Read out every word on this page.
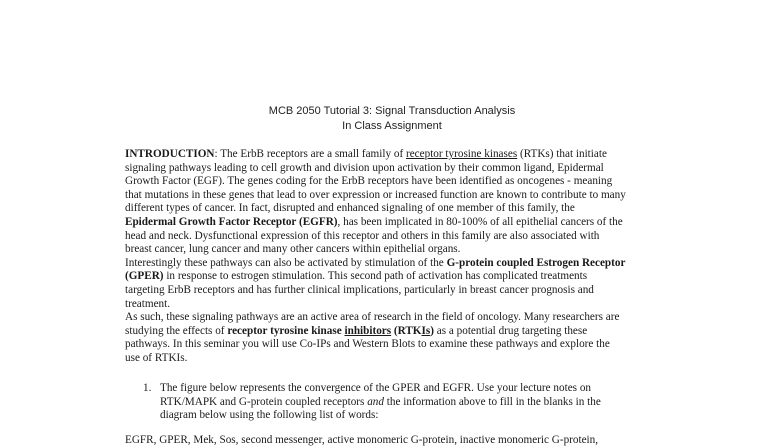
MCB 2050 Tutorial 3: Signal Transduction Analysis
In Class Assignment
INTRODUCTION: The ErbB receptors are a small family of receptor tyrosine kinases (RTKs) that initiate
signaling pathways leading to cell growth and division upon activation by their common ligand, Epidermal
Growth Factor (EGF). The genes coding for the ErbB receptors have been identified as oncogenes - meaning
that mutations in these genes that lead to over expression or increased function are known to contribute to many
different types of cancer. In fact, disrupted and enhanced signaling of one member of this family, the
Epidermal Growth Factor Receptor (EGFR), has been implicated in 80-100% of all epithelial cancers of the
head and neck. Dysfunctional expression of this receptor and others in this family are also associated with
breast cancer, lung cancer and many other cancers within epithelial organs.
Interestingly these pathways can also be activated by stimulation of the G-protein coupled Estrogen Receptor
(GPER) in response to estrogen stimulation. This second path of activation has complicated treatments
targeting ErbB receptors and has further clinical implications, particularly in breast cancer prognosis and
treatment.
As such, these signaling pathways are an active area of research in the field of oncology. Many researchers are
studying the effects of receptor tyrosine kinase inhibitors (RTKIs) as a potential drug targeting these
pathways. In this seminar you will use Co-IPs and Western Blots to examine these pathways and explore the
use of RTKIs.
1. The figure below represents the convergence of the GPER and EGFR. Use your lecture notes on
RTK/MAPK and G-protein coupled receptors and the information above to fill in the blanks in the
diagram below using the following list of words:
EGFR, GPER, Mek, Sos, second messenger, active monomeric G-protein, inactive monomeric G-protein,
